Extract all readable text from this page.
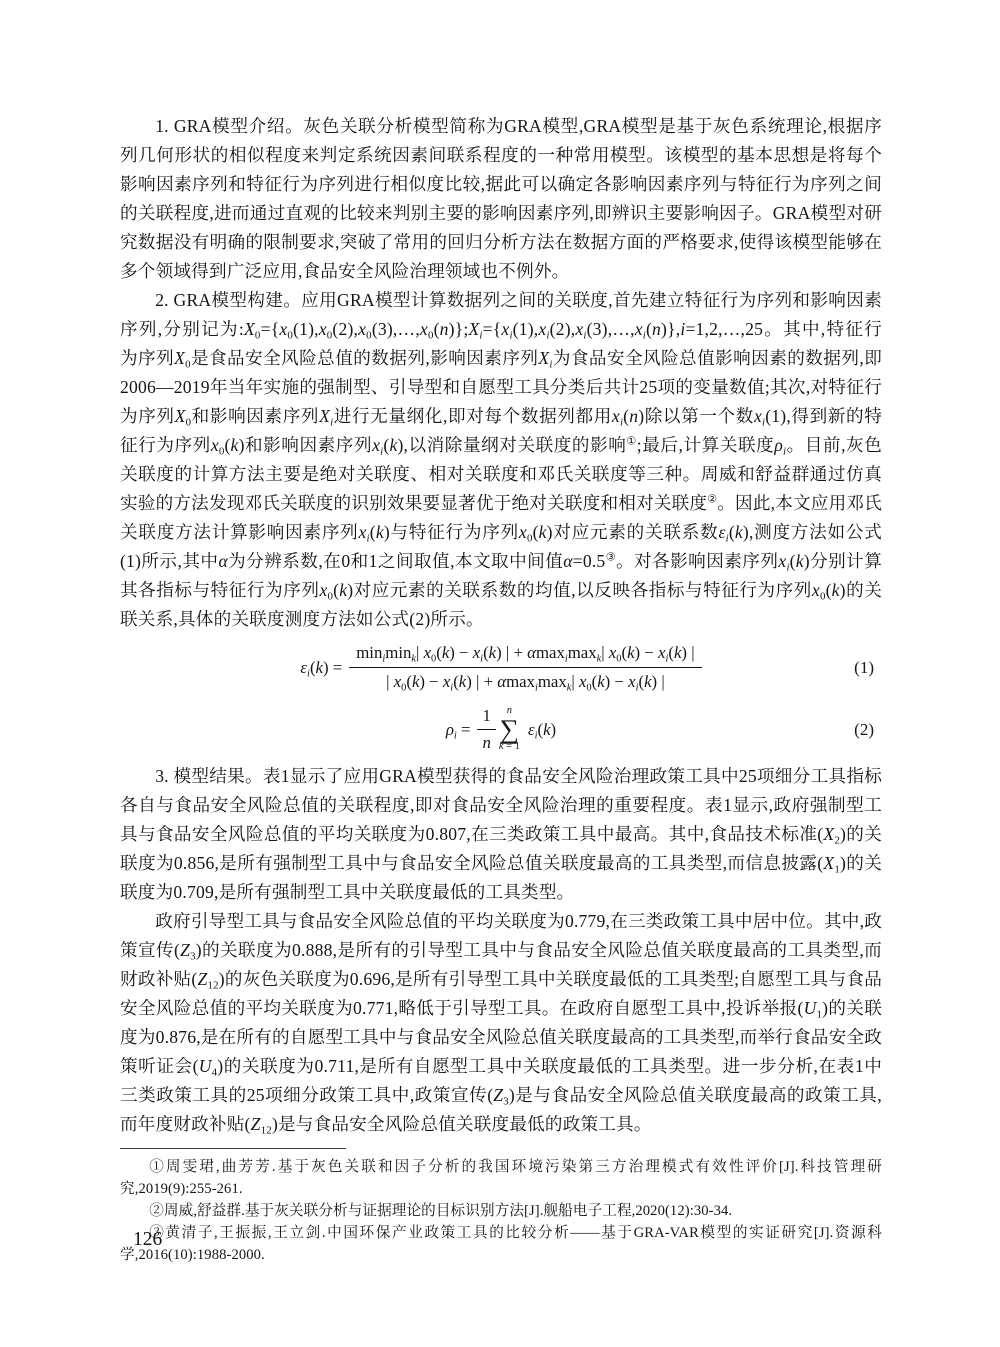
1. GRA模型介绍。灰色关联分析模型简称为GRA模型,GRA模型是基于灰色系统理论,根据序列几何形状的相似程度来判定系统因素间联系程度的一种常用模型。该模型的基本思想是将每个影响因素序列和特征行为序列进行相似度比较,据此可以确定各影响因素序列与特征行为序列之间的关联程度,进而通过直观的比较来判别主要的影响因素序列,即辨识主要影响因子。GRA模型对研究数据没有明确的限制要求,突破了常用的回归分析方法在数据方面的严格要求,使得该模型能够在多个领域得到广泛应用,食品安全风险治理领域也不例外。

2. GRA模型构建。应用GRA模型计算数据列之间的关联度,首先建立特征行为序列和影响因素序列,分别记为$:X_0=\{x_0(1),x_0(2),x_0(3),\dots,x_0(n)\};X_i=\{x_i(1),x_i(2),x_i(3),\dots,x_i(n)\},i=1,2,\dots,25$。其中,特征行为序列$X_0$是食品安全风险总值的数据列,影响因素序列$X_i$为食品安全风险总值影响因素的数据列,即2006—2019年当年实施的强制型、引导型和自愿型工具分类后共计25项的变量数值;其次,对特征行为序列$X_0$和影响因素序列$X_i$进行无量纲化,即对每个数据列都用$x_i(n)$除以第一个数$x_i(1)$,得到新的特征行为序列$x_0(k)$和影响因素序列$x_i(k)$,以消除量纲对关联度的影响①;最后,计算关联度$\rho_i$。目前,灰色关联度的计算方法主要是绝对关联度、相对关联度和邓氏关联度等三种。周威和舒益群通过仿真实验的方法发现邓氏关联度的识别效果要显著优于绝对关联度和相对关联度②。因此,本文应用邓氏关联度方法计算影响因素序列$x_i(k)$与特征行为序列$x_0(k)$对应元素的关联系数$\varepsilon_i(k)$,测度方法如公式(1)所示,其中α为分辨系数,在0和1之间取值,本文取中间值α=0.5③。对各影响因素序列$x_i(k)$分别计算其各指标与特征行为序列$x_0(k)$对应元素的关联系数的均值,以反映各指标与特征行为序列$x_0(k)$的关联关系,具体的关联度测度方法如公式(2)所示。

$\varepsilon_i(k) = \frac{\min_i\min_k| x_0(k) - x_i(k) | + \alpha\max_i\max_k| x_0(k) - x_i(k) |}{| x_0(k) - x_i(k) | + \alpha\max_i\max_k| x_0(k) - x_i(k) |}$	(1)
$\rho_i = \frac{1}{n}$ n
∑
k = 1
$\varepsilon_i(k)$	(2)

3. 模型结果。表1显示了应用GRA模型获得的食品安全风险治理政策工具中25项细分工具指标各自与食品安全风险总值的关联程度,即对食品安全风险治理的重要程度。表1显示,政府强制型工具与食品安全风险总值的平均关联度为0.807,在三类政策工具中最高。其中,食品技术标准$(X_2)$的关联度为0.856,是所有强制型工具中与食品安全风险总值关联度最高的工具类型,而信息披露$(X_1)$的关联度为0.709,是所有强制型工具中关联度最低的工具类型。

政府引导型工具与食品安全风险总值的平均关联度为0.779,在三类政策工具中居中位。其中,政策宣传$(Z_3)$的关联度为0.888,是所有的引导型工具中与食品安全风险总值关联度最高的工具类型,而财政补贴$(Z_{12})$的灰色关联度为0.696,是所有引导型工具中关联度最低的工具类型;自愿型工具与食品安全风险总值的平均关联度为0.771,略低于引导型工具。在政府自愿型工具中,投诉举报$(U_1)$的关联度为0.876,是在所有的自愿型工具中与食品安全风险总值关联度最高的工具类型,而举行食品安全政策听证会$(U_4)$的关联度为0.711,是所有自愿型工具中关联度最低的工具类型。进一步分析,在表1中三类政策工具的25项细分政策工具中,政策宣传$(Z_3)$是与食品安全风险总值关联度最高的政策工具,而年度财政补贴$(Z_{12})$是与食品安全风险总值关联度最低的政策工具。

①周雯珺,曲芳芳.基于灰色关联和因子分析的我国环境污染第三方治理模式有效性评价[J].科技管理研究,2019(9):255-261.

②周威,舒益群.基于灰关联分析与证据理论的目标识别方法[J].舰船电子工程,2020(12):30-34.

③黄清子,王振振,王立剑.中国环保产业政策工具的比较分析——基于GRA-VAR模型的实证研究[J].资源科学,2016(10):1988-2000.

126
